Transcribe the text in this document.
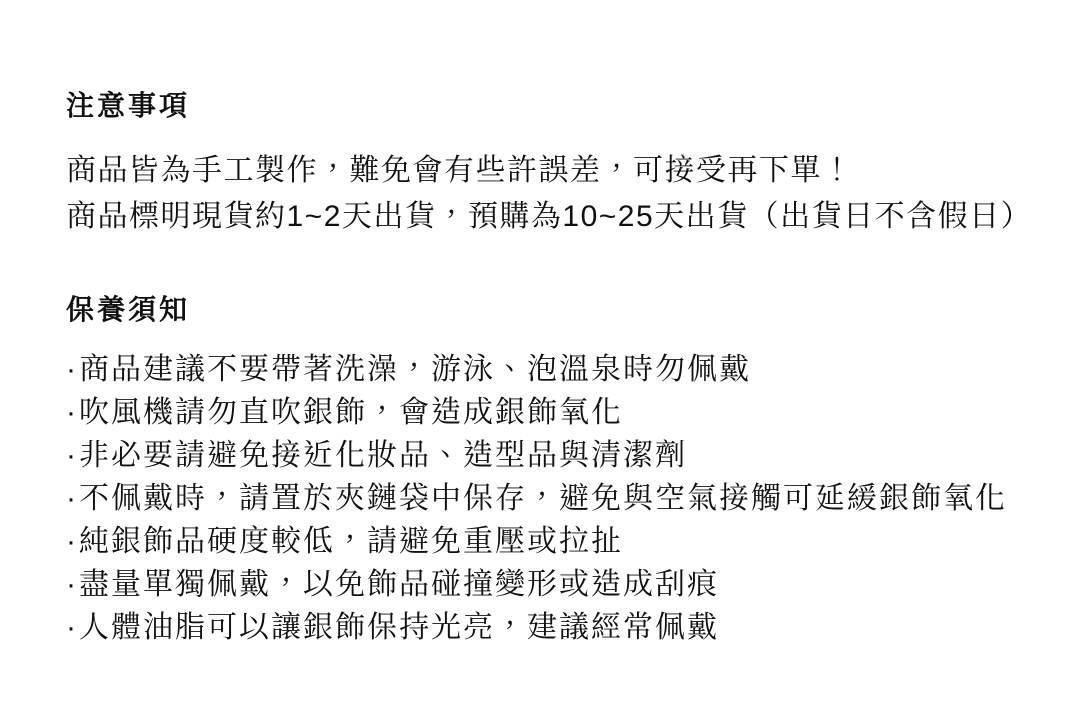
注意事項

商品皆為手工製作，難免會有些許誤差，可接受再下單！
商品標明現貨約1~2天出貨，預購為10~25天出貨（出貨日不含假日）

保養須知
· 商品建議不要帶著洗澡，游泳、泡溫泉時勿佩戴
· 吹風機請勿直吹銀飾，會造成銀飾氧化
· 非必要請避免接近化妝品、造型品與清潔劑
· 不佩戴時，請置於夾鏈袋中保存，避免與空氣接觸可延緩銀飾氧化
· 純銀飾品硬度較低，請避免重壓或拉扯
· 盡量單獨佩戴，以免飾品碰撞變形或造成刮痕
· 人體油脂可以讓銀飾保持光亮，建議經常佩戴
